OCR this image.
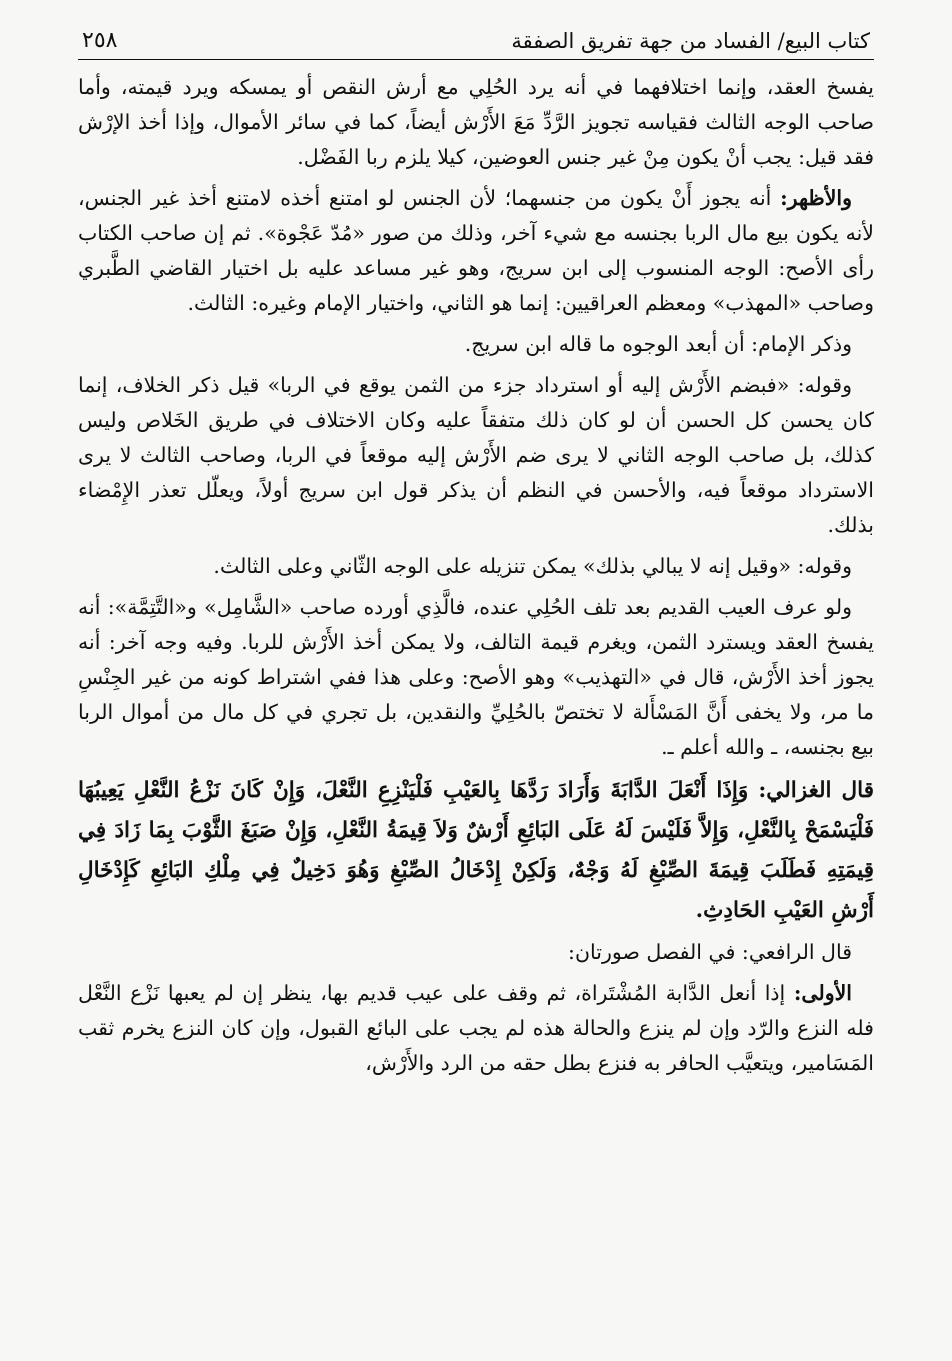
كتاب البيع/ الفساد من جهة تفريق الصفقة
٢٥٨

يفسخ العقد، وإنما اختلافهما في أنه يرد الحُلِي مع أرش النقص أو يمسكه ويرد قيمته، وأما صاحب الوجه الثالث فقياسه تجويز الرَّدِّ مَعَ الأَرْش أيضاً، كما في سائر الأموال، وإذا أخذ الإرْش فقد قيل: يجب أنْ يكون مِنْ غير جنس العوضين، كيلا يلزم ربا الفَضْل.

والأظهر: أنه يجوز أَنْ يكون من جنسهما؛ لأن الجنس لو امتنع أخذه لامتنع أخذ غير الجنس، لأنه يكون بيع مال الربا بجنسه مع شيء آخر، وذلك من صور «مُدّ عَجْوة». ثم إن صاحب الكتاب رأى الأصح: الوجه المنسوب إلى ابن سريج، وهو غير مساعد عليه بل اختيار القاضي الطَّبري وصاحب «المهذب» ومعظم العراقيين: إنما هو الثاني، واختيار الإمام وغيره: الثالث.

وذكر الإمام: أن أبعد الوجوه ما قاله ابن سريج.

وقوله: «فبضم الأَرْش إليه أو استرداد جزء من الثمن يوقع في الربا» قيل ذكر الخلاف، إنما كان يحسن كل الحسن أن لو كان ذلك متفقاً عليه وكان الاختلاف في طريق الخَلاص وليس كذلك، بل صاحب الوجه الثاني لا يرى ضم الأَرْش إليه موقعاً في الربا، وصاحب الثالث لا يرى الاسترداد موقعاً فيه، والأحسن في النظم أن يذكر قول ابن سريج أولاً، ويعلّل تعذر الإِمْضاء بذلك.

وقوله: «وقيل إنه لا يبالي بذلك» يمكن تنزيله على الوجه الثّاني وعلى الثالث.

ولو عرف العيب القديم بعد تلف الحُلِي عنده، فالَّذِي أورده صاحب «الشَّامِل» و«التَّتِمَّة»: أنه يفسخ العقد ويسترد الثمن، ويغرم قيمة التالف، ولا يمكن أخذ الأَرْش للربا. وفيه وجه آخر: أنه يجوز أخذ الأَرْش، قال في «التهذيب» وهو الأصح: وعلى هذا ففي اشتراط كونه من غير الجِنْسِ ما مر، ولا يخفى أَنَّ المَسْأَلة لا تختصّ بالحُلِيِّ والنقدين، بل تجري في كل مال من أموال الربا بيع بجنسه، ـ والله أعلم ـ.

قال الغزالي: وَإِذَا أَنْعَلَ الدَّابَةَ وَأَرَادَ رَدَّهَا بِالعَيْبِ فَلْيَنْزِعِ النَّعْلَ، وَإِنْ كَانَ نَزْعُ النَّعْلِ يَعِيبُهَا فَلْيَسْمَحْ بِالنَّعْلِ، وَإِلاَّ فَلَيْسَ لَهُ عَلَى البَائِعِ أَرْشٌ وَلاَ قِيمَةُ النَّعْلِ، وَإِنْ صَبَغَ الثَّوْبَ بِمَا زَادَ فِي قِيمَتِهِ فَطَلَبَ قِيمَةَ الصِّبْغِ لَهُ وَجْهٌ، وَلَكِنْ إِدْخَالُ الصِّبْغِ وَهُوَ دَخِيلٌ فِي مِلْكِ البَائِعِ كَإِدْخَالِ أَرْشِ العَيْبِ الحَادِثِ.

قال الرافعي: في الفصل صورتان:

الأولى: إذا أنعل الدَّابة المُشْتَراة، ثم وقف على عيب قديم بها، ينظر إن لم يعبها نَزْع النَّعْل فله النزع والرّد وإن لم ينزع والحالة هذه لم يجب على البائع القبول، وإن كان النزع يخرم ثقب المَسَامير، ويتعيَّب الحافر به فنزع بطل حقه من الرد والأَرْش،
